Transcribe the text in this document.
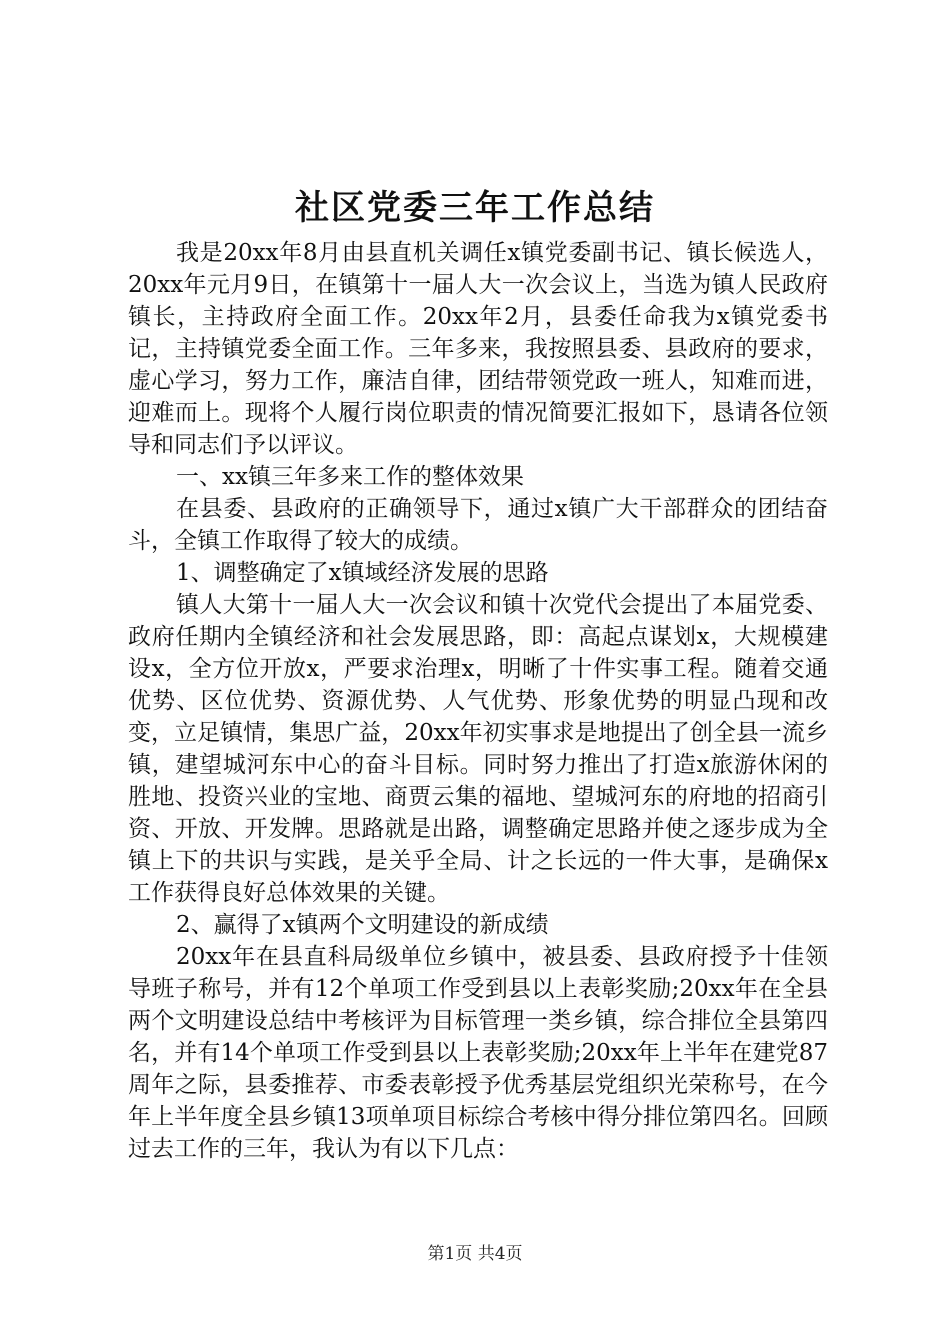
社区党委三年工作总结

我是20xx年8月由县直机关调任x镇党委副书记、镇长候选人，20xx年元月9日，在镇第十一届人大一次会议上，当选为镇人民政府镇长，主持政府全面工作。20xx年2月，县委任命我为x镇党委书记，主持镇党委全面工作。三年多来，我按照县委、县政府的要求，虚心学习，努力工作，廉洁自律，团结带领党政一班人，知难而进，迎难而上。现将个人履行岗位职责的情况简要汇报如下，恳请各位领导和同志们予以评议。

一、xx镇三年多来工作的整体效果

在县委、县政府的正确领导下，通过x镇广大干部群众的团结奋斗，全镇工作取得了较大的成绩。

1、调整确定了x镇域经济发展的思路

镇人大第十一届人大一次会议和镇十次党代会提出了本届党委、政府任期内全镇经济和社会发展思路，即：高起点谋划x，大规模建设x，全方位开放x，严要求治理x，明晰了十件实事工程。随着交通优势、区位优势、资源优势、人气优势、形象优势的明显凸现和改变，立足镇情，集思广益，20xx年初实事求是地提出了创全县一流乡镇，建望城河东中心的奋斗目标。同时努力推出了打造x旅游休闲的胜地、投资兴业的宝地、商贾云集的福地、望城河东的府地的招商引资、开放、开发牌。思路就是出路，调整确定思路并使之逐步成为全镇上下的共识与实践，是关乎全局、计之长远的一件大事，是确保x工作获得良好总体效果的关键。

2、赢得了x镇两个文明建设的新成绩

20xx年在县直科局级单位乡镇中，被县委、县政府授予十佳领导班子称号，并有12个单项工作受到县以上表彰奖励;20xx年在全县两个文明建设总结中考核评为目标管理一类乡镇，综合排位全县第四名，并有14个单项工作受到县以上表彰奖励;20xx年上半年在建党87周年之际，县委推荐、市委表彰授予优秀基层党组织光荣称号，在今年上半年度全县乡镇13项单项目标综合考核中得分排位第四名。回顾过去工作的三年，我认为有以下几点：

第1页 共4页
